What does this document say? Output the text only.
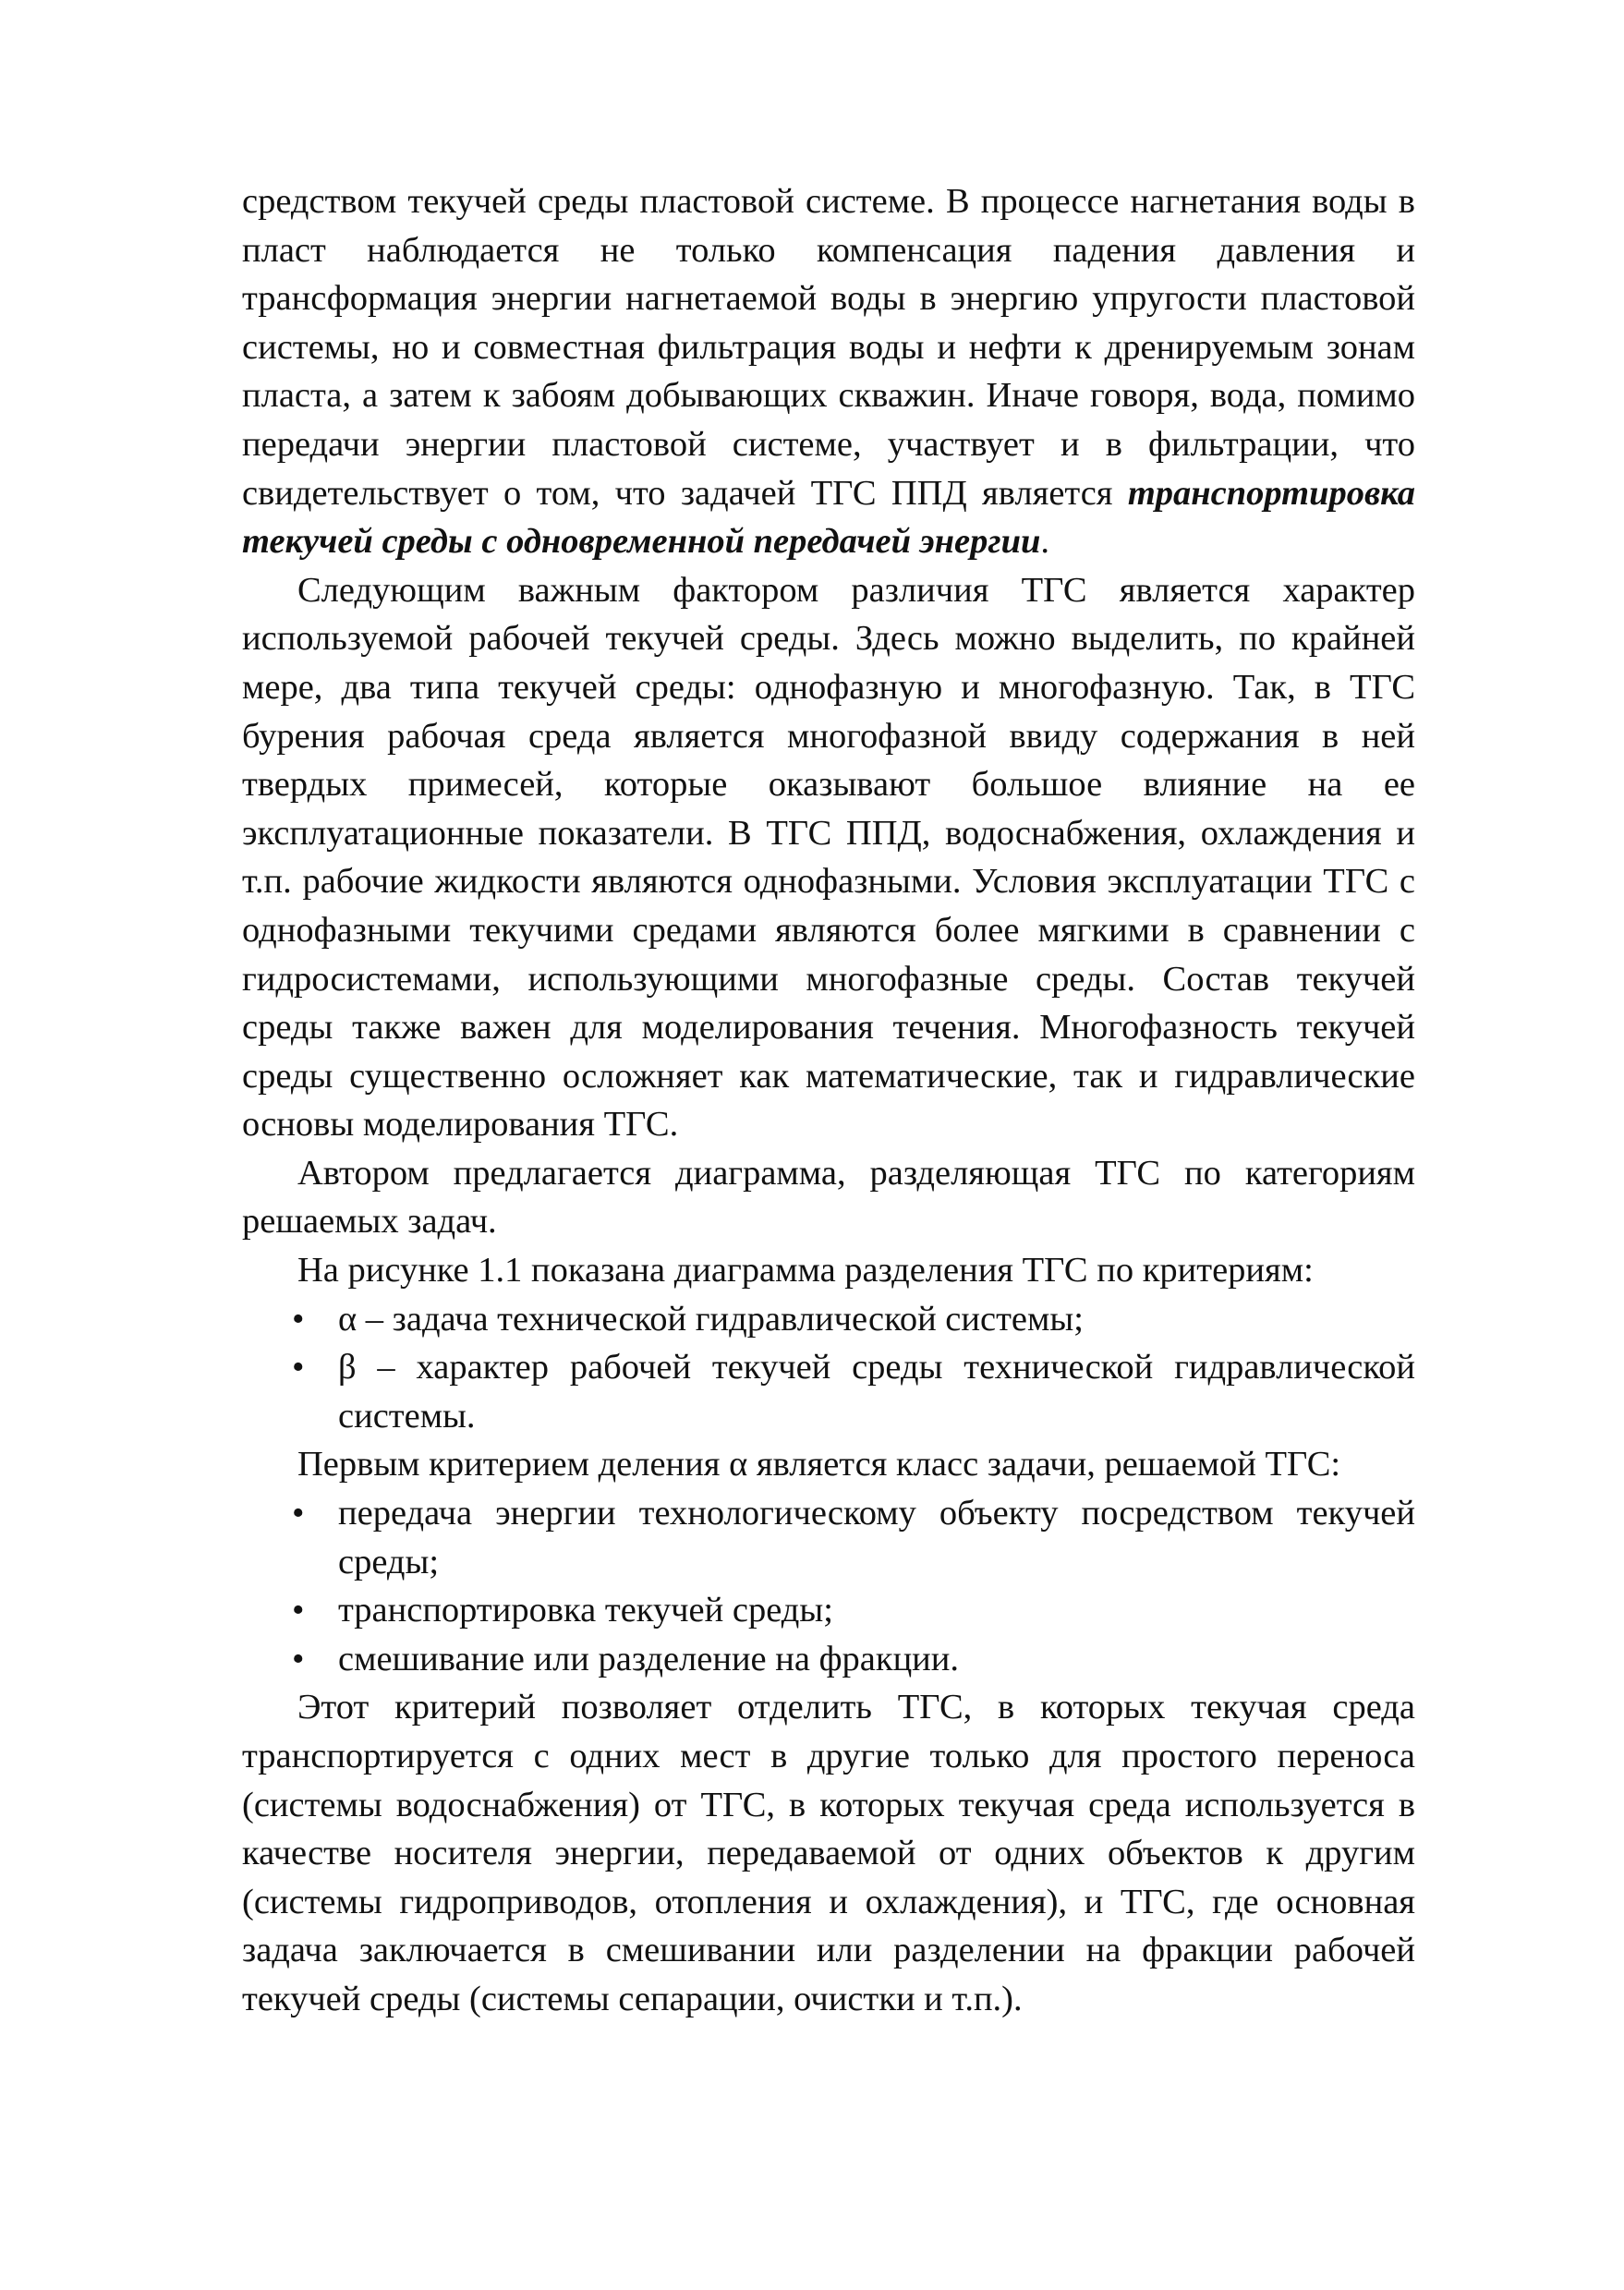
средством текучей среды пластовой системе. В процессе нагнетания воды в пласт наблюдается не только компенсация падения давления и трансформация энергии нагнетаемой воды в энергию упругости пластовой системы, но и совместная фильтрация воды и нефти к дренируемым зонам пласта, а затем к забоям добывающих скважин. Иначе говоря, вода, помимо передачи энергии пластовой системе, участвует и в фильтрации, что свидетельствует о том, что задачей ТГС ППД является транспортировка текучей среды с одновременной передачей энергии.

Следующим важным фактором различия ТГС является характер используемой рабочей текучей среды. Здесь можно выделить, по крайней мере, два типа текучей среды: однофазную и многофазную. Так, в ТГС бурения рабочая среда является многофазной ввиду содержания в ней твердых примесей, которые оказывают большое влияние на ее эксплуатационные показатели. В ТГС ППД, водоснабжения, охлаждения и т.п. рабочие жидкости являются однофазными. Условия эксплуатации ТГС с однофазными текучими средами являются более мягкими в сравнении с гидросистемами, использующими многофазные среды. Состав текучей среды также важен для моделирования течения. Многофазность текучей среды существенно осложняет как математические, так и гидравлические основы моделирования ТГС.

Автором предлагается диаграмма, разделяющая ТГС по категориям решаемых задач.

На рисунке 1.1 показана диаграмма разделения ТГС по критериям:

• α – задача технической гидравлической системы;
• β – характер рабочей текучей среды технической гидравлической системы.

Первым критерием деления α является класс задачи, решаемой ТГС:

• передача энергии технологическому объекту посредством текучей среды;
• транспортировка текучей среды;
• смешивание или разделение на фракции.

Этот критерий позволяет отделить ТГС, в которых текучая среда транспортируется с одних мест в другие только для простого переноса (системы водоснабжения) от ТГС, в которых текучая среда используется в качестве носителя энергии, передаваемой от одних объектов к другим (системы гидроприводов, отопления и охлаждения), и ТГС, где основная задача заключается в смешивании или разделении на фракции рабочей текучей среды (системы сепарации, очистки и т.п.).
